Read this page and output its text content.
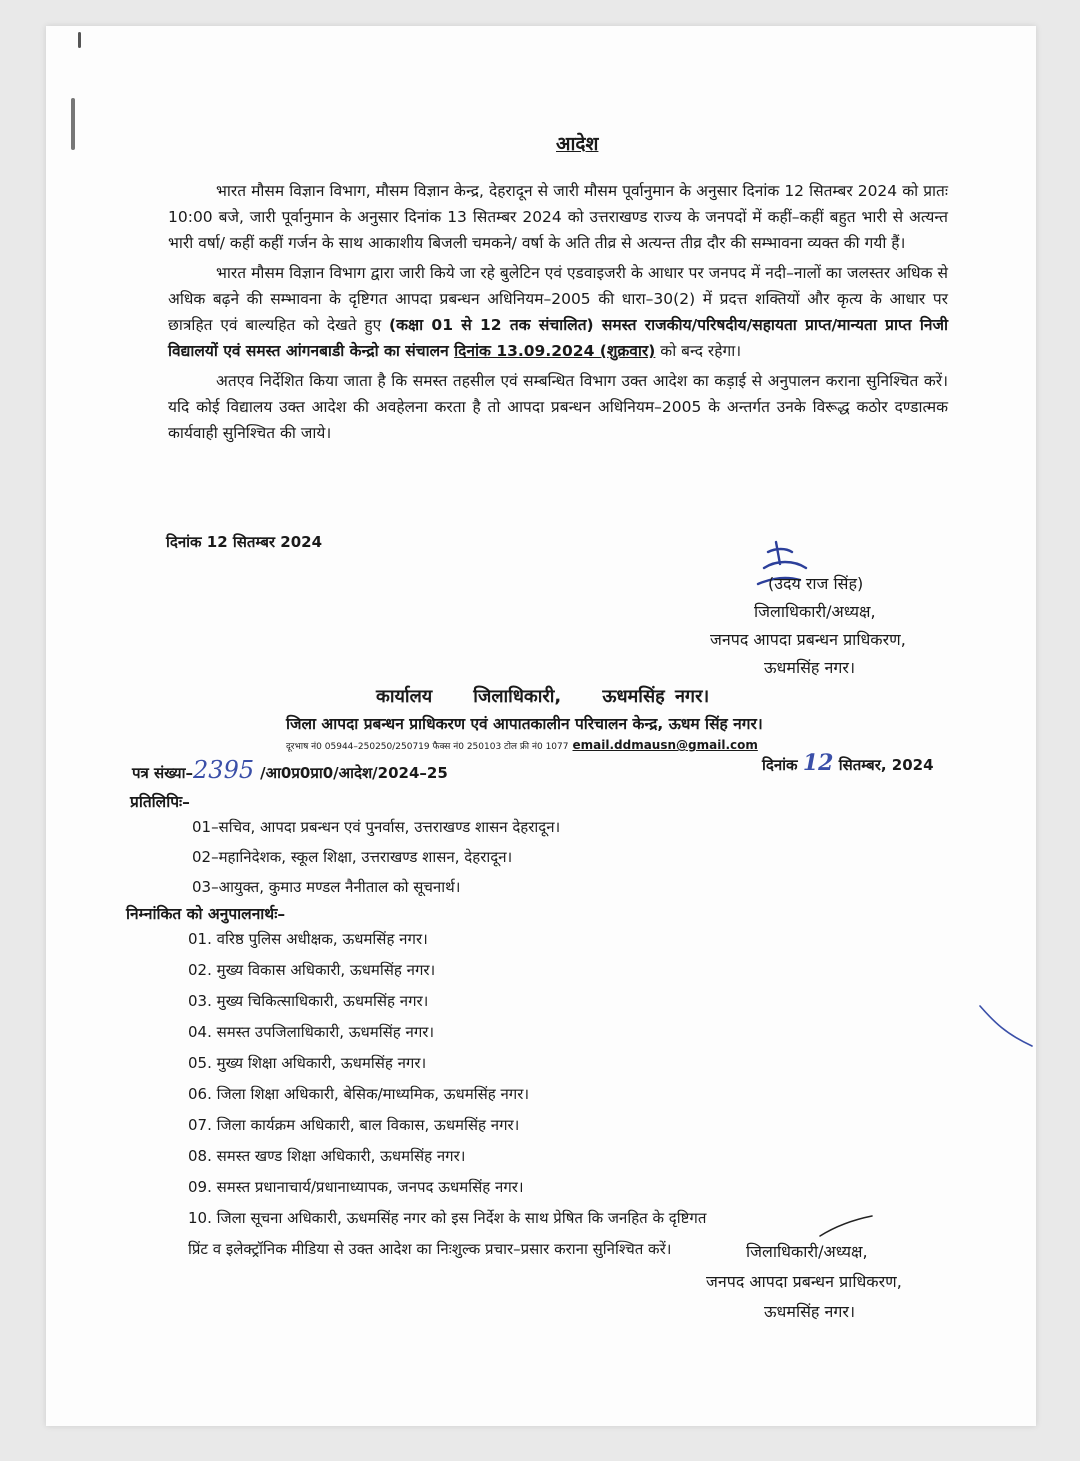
आदेश

भारत मौसम विज्ञान विभाग, मौसम विज्ञान केन्द्र, देहरादून से जारी मौसम पूर्वानुमान के अनुसार दिनांक 12 सितम्बर 2024 को प्रातः 10:00 बजे, जारी पूर्वानुमान के अनुसार दिनांक 13 सितम्बर 2024 को उत्तराखण्ड राज्य के जनपदों में कहीं–कहीं बहुत भारी से अत्यन्त भारी वर्षा/ कहीं कहीं गर्जन के साथ आकाशीय बिजली चमकने/ वर्षा के अति तीव्र से अत्यन्त तीव्र दौर की सम्भावना व्यक्त की गयी हैं।

भारत मौसम विज्ञान विभाग द्वारा जारी किये जा रहे बुलेटिन एवं एडवाइजरी के आधार पर जनपद में नदी–नालों का जलस्तर अधिक से अधिक बढ़ने की सम्भावना के दृष्टिगत आपदा प्रबन्धन अधिनियम–2005 की धारा–30(2) में प्रदत्त शक्तियों और कृत्य के आधार पर छात्रहित एवं बाल्यहित को देखते हुए (कक्षा 01 से 12 तक संचालित) समस्त राजकीय/परिषदीय/सहायता प्राप्त/मान्यता प्राप्त निजी विद्यालयों एवं समस्त आंगनबाडी केन्द्रो का संचालन दिनांक 13.09.2024 (शुक्रवार) को बन्द रहेगा।

अतएव निर्देशित किया जाता है कि समस्त तहसील एवं सम्बन्धित विभाग उक्त आदेश का कड़ाई से अनुपालन कराना सुनिश्चित करें। यदि कोई विद्यालय उक्त आदेश की अवहेलना करता है तो आपदा प्रबन्धन अधिनियम–2005 के अन्तर्गत उनके विरूद्ध कठोर दण्डात्मक कार्यवाही सुनिश्चित की जाये।

दिनांक 12 सितम्बर 2024
(उदय राज सिंह)
जिलाधिकारी/अध्यक्ष,
जनपद आपदा प्रबन्धन प्राधिकरण,
ऊधमसिंह नगर।
कार्यालय    जिलाधिकारी,    ऊधमसिंह नगर।
जिला आपदा प्रबन्धन प्राधिकरण एवं आपातकालीन परिचालन केन्द्र, ऊधम सिंह नगर।
दूरभाष नं0 05944–250250/250719 फैक्स नं0 250103 टोल फ्री नं0 1077 email.ddmausn@gmail.com
पत्र संख्या–2395 /आ0प्र0प्रा0/आदेश/2024–25	दिनांक 12 सितम्बर, 2024
प्रतिलिपिः–
01–सचिव, आपदा प्रबन्धन एवं पुनर्वास, उत्तराखण्ड शासन देहरादून।
02–महानिदेशक, स्कूल शिक्षा, उत्तराखण्ड शासन, देहरादून।
03–आयुक्त, कुमाउ मण्डल नैनीताल को सूचनार्थ।
निम्नांकित को अनुपालनार्थः–
01. वरिष्ठ पुलिस अधीक्षक, ऊधमसिंह नगर।
02. मुख्य विकास अधिकारी, ऊधमसिंह नगर।
03. मुख्य चिकित्साधिकारी, ऊधमसिंह नगर।
04. समस्त उपजिलाधिकारी, ऊधमसिंह नगर।
05. मुख्य शिक्षा अधिकारी, ऊधमसिंह नगर।
06. जिला शिक्षा अधिकारी, बेसिक/माध्यमिक, ऊधमसिंह नगर।
07. जिला कार्यक्रम अधिकारी, बाल विकास, ऊधमसिंह नगर।
08. समस्त खण्ड शिक्षा अधिकारी, ऊधमसिंह नगर।
09. समस्त प्रधानाचार्य/प्रधानाध्यापक, जनपद ऊधमसिंह नगर।
10. जिला सूचना अधिकारी, ऊधमसिंह नगर को इस निर्देश के साथ प्रेषित कि जनहित के दृष्टिगत
प्रिंट व इलेक्ट्रॉनिक मीडिया से उक्त आदेश का निःशुल्क प्रचार–प्रसार कराना सुनिश्चित करें।	जिलाधिकारी/अध्यक्ष,
जनपद आपदा प्रबन्धन प्राधिकरण,
ऊधमसिंह नगर।
